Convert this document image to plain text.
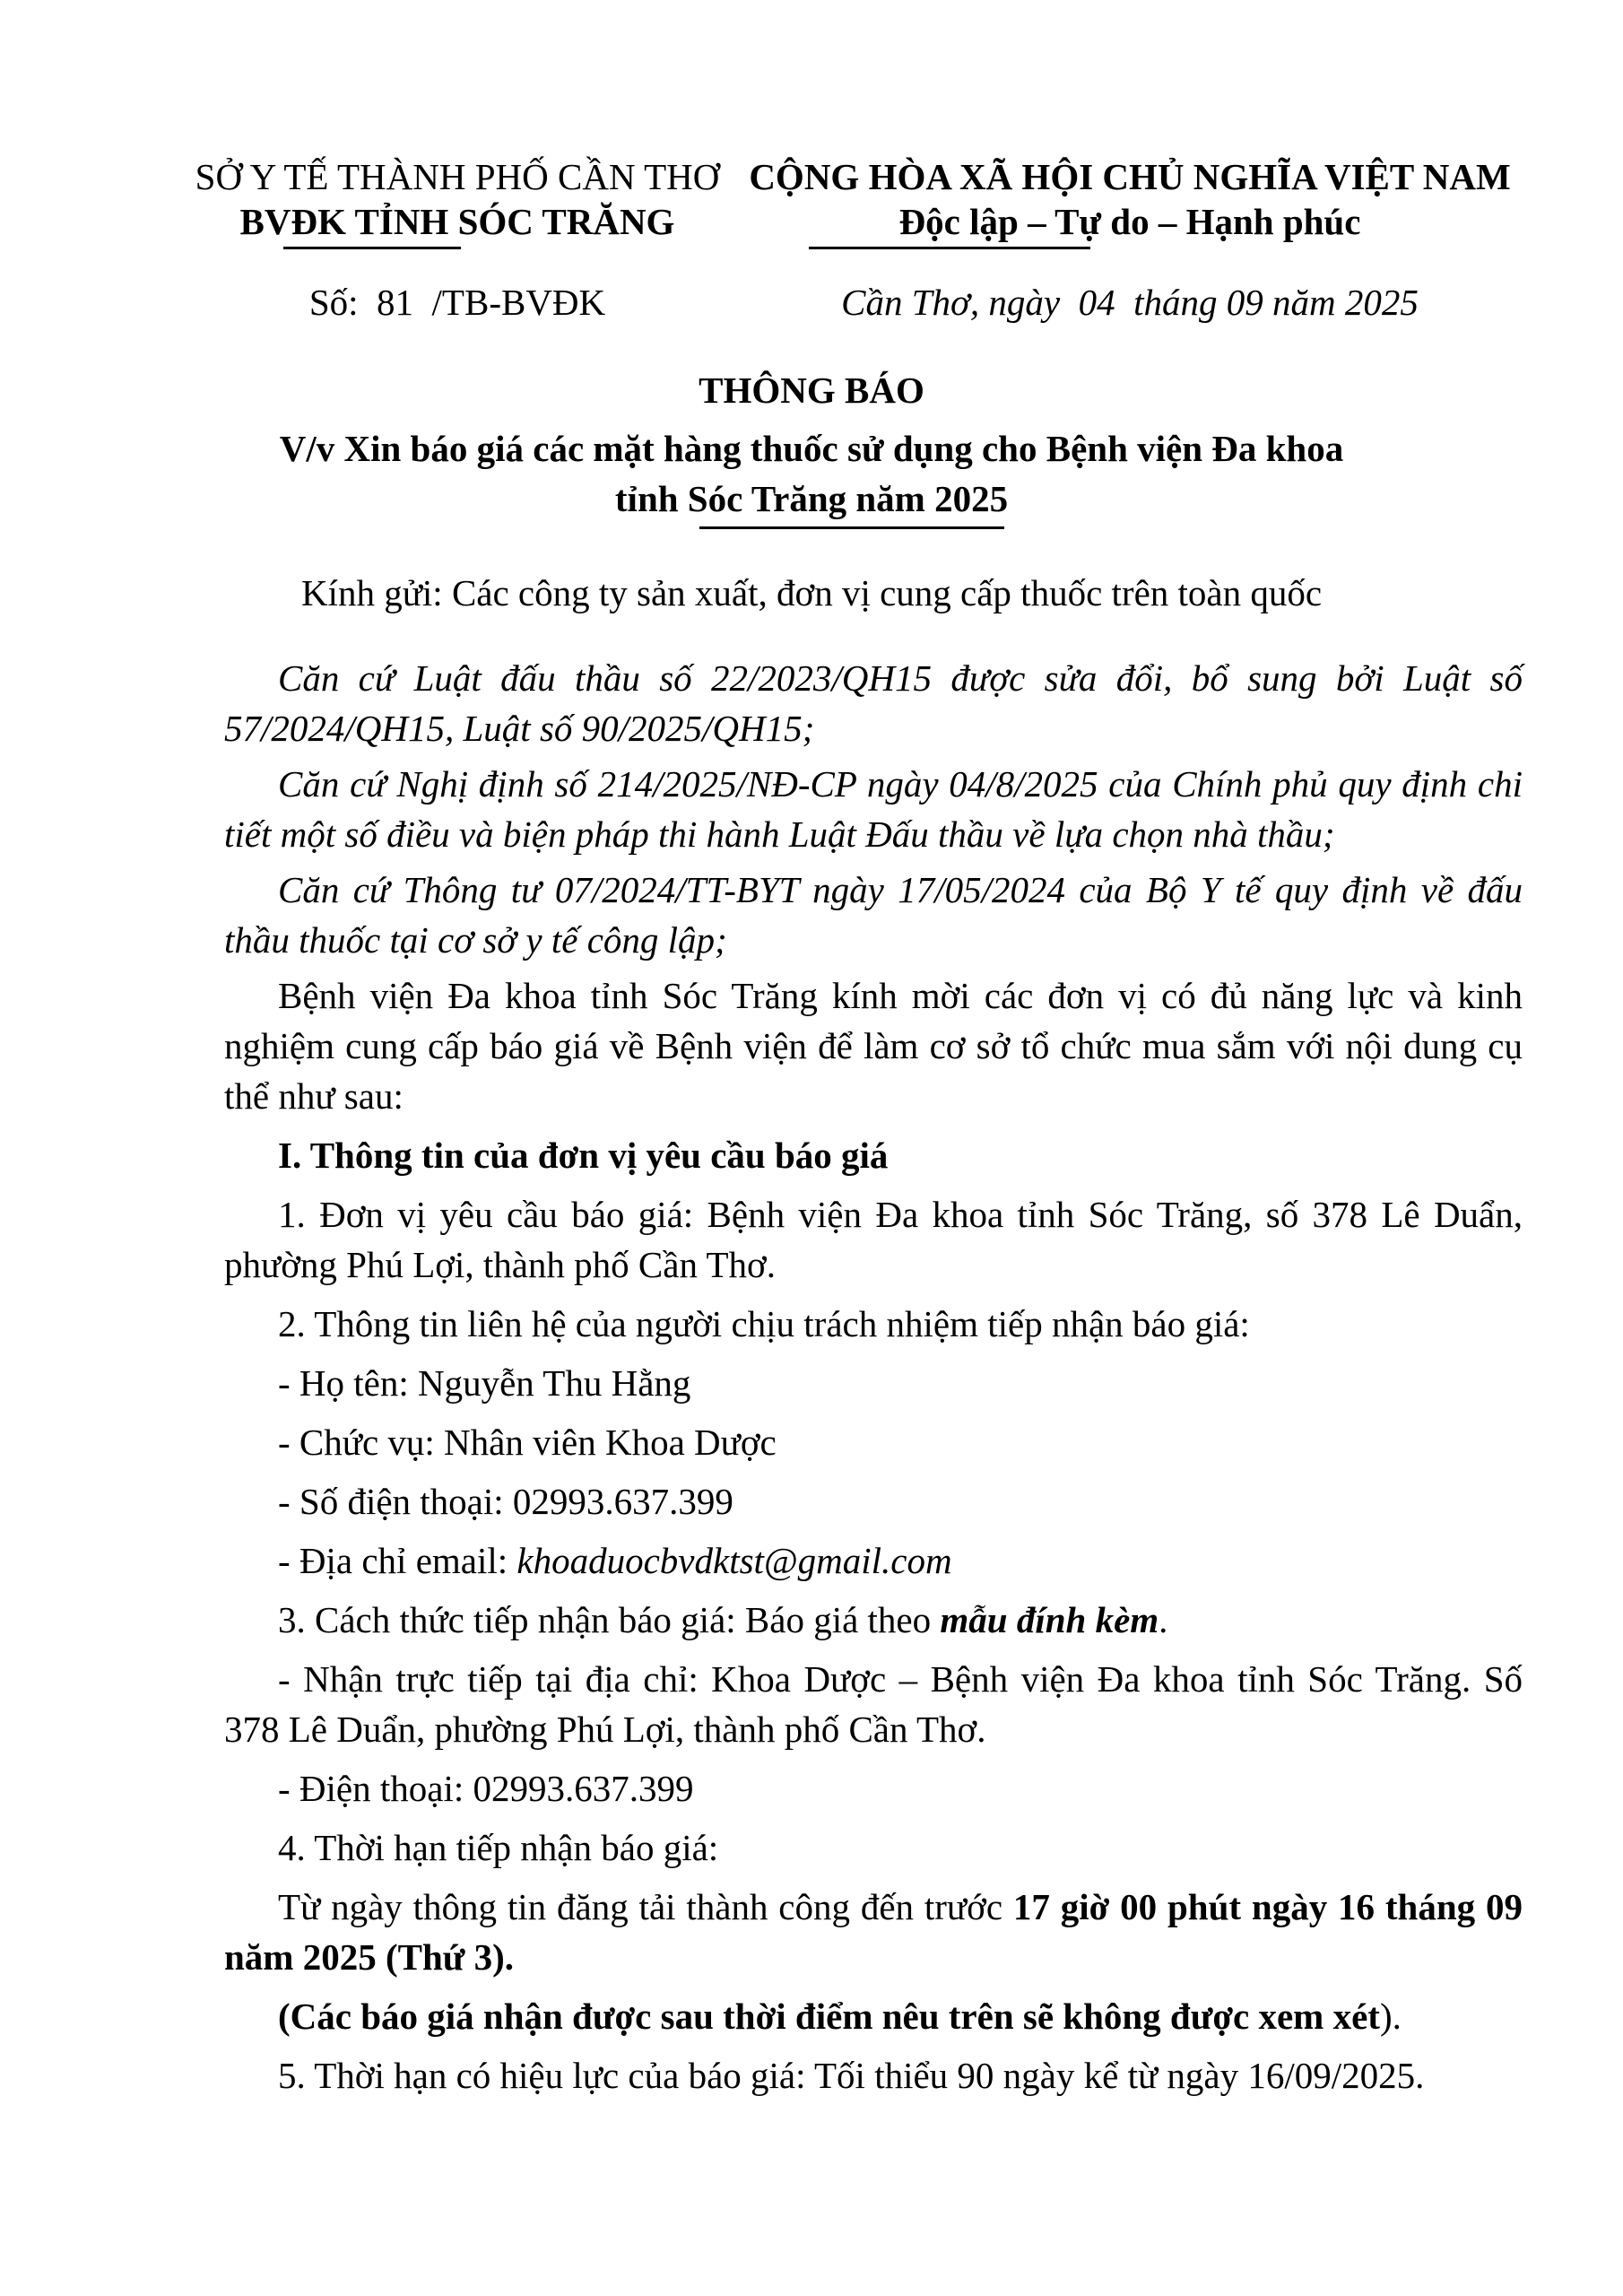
SỞ Y TẾ THÀNH PHỐ CẦN THƠ
BVĐK TỈNH SÓC TRĂNG
CỘNG HÒA XÃ HỘI CHỦ NGHĨA VIỆT NAM
Độc lập – Tự do – Hạnh phúc
Số:  81  /TB-BVĐK	Cần Thơ, ngày  04  tháng 09 năm 2025
THÔNG BÁO
V/v Xin báo giá các mặt hàng thuốc sử dụng cho Bệnh viện Đa khoa
tỉnh Sóc Trăng năm 2025
Kính gửi: Các công ty sản xuất, đơn vị cung cấp thuốc trên toàn quốc

Căn cứ Luật đấu thầu số 22/2023/QH15 được sửa đổi, bổ sung bởi Luật số 57/2024/QH15, Luật số 90/2025/QH15;

Căn cứ Nghị định số 214/2025/NĐ-CP ngày 04/8/2025 của Chính phủ quy định chi tiết một số điều và biện pháp thi hành Luật Đấu thầu về lựa chọn nhà thầu;

Căn cứ Thông tư 07/2024/TT-BYT ngày 17/05/2024 của Bộ Y tế quy định về đấu thầu thuốc tại cơ sở y tế công lập;

Bệnh viện Đa khoa tỉnh Sóc Trăng kính mời các đơn vị có đủ năng lực và kinh nghiệm cung cấp báo giá về Bệnh viện để làm cơ sở tổ chức mua sắm với nội dung cụ thể như sau:

I. Thông tin của đơn vị yêu cầu báo giá

1. Đơn vị yêu cầu báo giá: Bệnh viện Đa khoa tỉnh Sóc Trăng, số 378 Lê Duẩn, phường Phú Lợi, thành phố Cần Thơ.

2. Thông tin liên hệ của người chịu trách nhiệm tiếp nhận báo giá:

- Họ tên: Nguyễn Thu Hằng

- Chức vụ: Nhân viên Khoa Dược

- Số điện thoại: 02993.637.399

- Địa chỉ email: khoaduocbvdktst@gmail.com

3. Cách thức tiếp nhận báo giá: Báo giá theo mẫu đính kèm.

- Nhận trực tiếp tại địa chỉ: Khoa Dược – Bệnh viện Đa khoa tỉnh Sóc Trăng. Số 378 Lê Duẩn, phường Phú Lợi, thành phố Cần Thơ.

- Điện thoại: 02993.637.399

4. Thời hạn tiếp nhận báo giá:

Từ ngày thông tin đăng tải thành công đến trước 17 giờ 00 phút ngày 16 tháng 09 năm 2025 (Thứ 3).

(Các báo giá nhận được sau thời điểm nêu trên sẽ không được xem xét).

5. Thời hạn có hiệu lực của báo giá: Tối thiểu 90 ngày kể từ ngày 16/09/2025.
